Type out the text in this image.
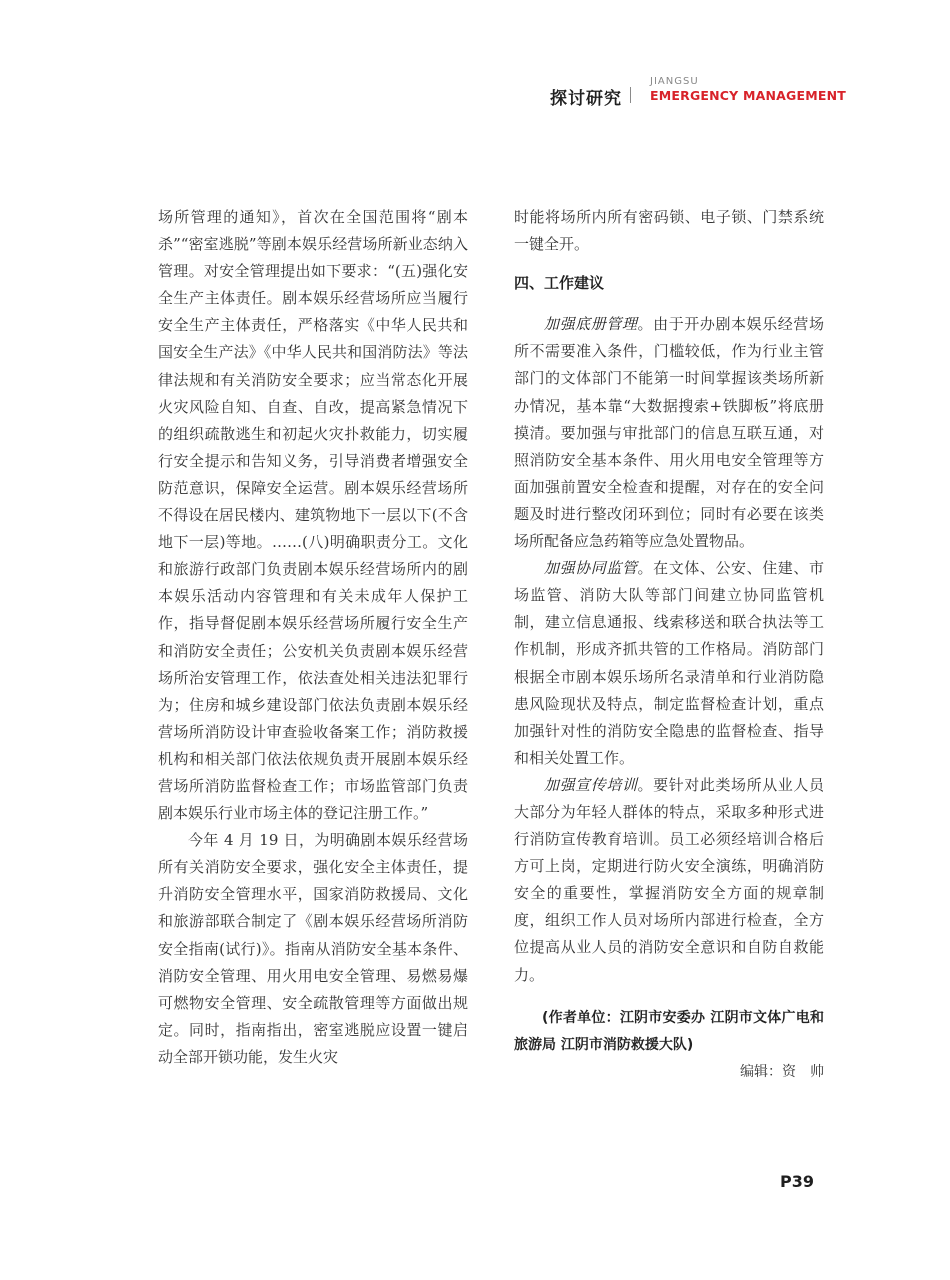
探讨研究
JIANGSU
EMERGENCY MANAGEMENT

场所管理的通知》，首次在全国范围将“剧本杀”“密室逃脱”等剧本娱乐经营场所新业态纳入管理。对安全管理提出如下要求：“(五)强化安全生产主体责任。剧本娱乐经营场所应当履行安全生产主体责任，严格落实《中华人民共和国安全生产法》《中华人民共和国消防法》等法律法规和有关消防安全要求；应当常态化开展火灾风险自知、自查、自改，提高紧急情况下的组织疏散逃生和初起火灾扑救能力，切实履行安全提示和告知义务，引导消费者增强安全防范意识，保障安全运营。剧本娱乐经营场所不得设在居民楼内、建筑物地下一层以下(不含地下一层)等地。……(八)明确职责分工。文化和旅游行政部门负责剧本娱乐经营场所内的剧本娱乐活动内容管理和有关未成年人保护工作，指导督促剧本娱乐经营场所履行安全生产和消防安全责任；公安机关负责剧本娱乐经营场所治安管理工作，依法查处相关违法犯罪行为；住房和城乡建设部门依法负责剧本娱乐经营场所消防设计审查验收备案工作；消防救援机构和相关部门依法依规负责开展剧本娱乐经营场所消防监督检查工作；市场监管部门负责剧本娱乐行业市场主体的登记注册工作。”

今年 4 月 19 日，为明确剧本娱乐经营场所有关消防安全要求，强化安全主体责任，提升消防安全管理水平，国家消防救援局、文化和旅游部联合制定了《剧本娱乐经营场所消防安全指南(试行)》。指南从消防安全基本条件、消防安全管理、用火用电安全管理、易燃易爆可燃物安全管理、安全疏散管理等方面做出规定。同时，指南指出，密室逃脱应设置一键启动全部开锁功能，发生火灾

时能将场所内所有密码锁、电子锁、门禁系统一键全开。

四、工作建议

加强底册管理。由于开办剧本娱乐经营场所不需要准入条件，门槛较低，作为行业主管部门的文体部门不能第一时间掌握该类场所新办情况，基本靠“大数据搜索+铁脚板”将底册摸清。要加强与审批部门的信息互联互通，对照消防安全基本条件、用火用电安全管理等方面加强前置安全检查和提醒，对存在的安全问题及时进行整改闭环到位；同时有必要在该类场所配备应急药箱等应急处置物品。

加强协同监管。在文体、公安、住建、市场监管、消防大队等部门间建立协同监管机制，建立信息通报、线索移送和联合执法等工作机制，形成齐抓共管的工作格局。消防部门根据全市剧本娱乐场所名录清单和行业消防隐患风险现状及特点，制定监督检查计划，重点加强针对性的消防安全隐患的监督检查、指导和相关处置工作。

加强宣传培训。要针对此类场所从业人员大部分为年轻人群体的特点，采取多种形式进行消防宣传教育培训。员工必须经培训合格后方可上岗，定期进行防火安全演练，明确消防安全的重要性，掌握消防安全方面的规章制度，组织工作人员对场所内部进行检查，全方位提高从业人员的消防安全意识和自防自救能力。

(作者单位：江阴市安委办 江阴市文体广电和旅游局 江阴市消防救援大队)

编辑：资　帅

P39
